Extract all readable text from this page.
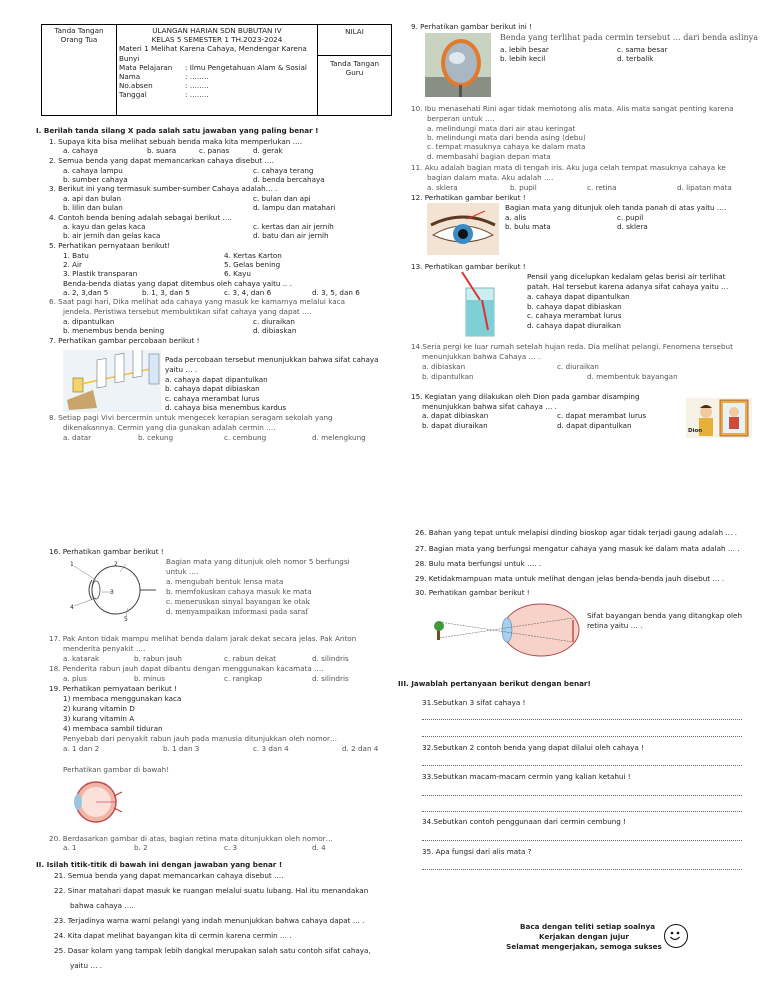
Tanda Tangan
Orang Tua

ULANGAN HARIAN SDN BUBUTAN IV
KELAS 5 SEMESTER 1 TH.2023-2024
Materi 1 Melihat Karena Cahaya, Mendengar Karena Bunyi
Mata Pelajaran : Ilmu Pengetahuan Alam & Sosial
Nama	: ……..
No.absen	: ……..
Tanggal	: ……..

NILAI
Tanda Tangan
Guru
I. Berilah tanda silang X pada salah satu jawaban yang paling benar !
1. Supaya kita bisa melihat sebuah benda maka kita memperlukan ….
a. cahaya	b. suara	c. panas	d. gerak
2. Semua benda yang dapat memancarkan cahaya disebut ….
a. cahaya lampu	c. cahaya terang
b. sumber cahaya	d. benda bercahaya
3. Berikut ini yang termasuk sumber-sumber Cahaya adalah… .
a. api dan bulan	c. bulan dan api
b. lilin dan bulan	d. lampu dan matahari
4. Contoh benda bening adalah sebagai berikut ….
a. kayu dan gelas kaca	c. kertas dan air jernih
b. air jernih dan gelas kaca	d. batu dan air jernih
5. Perhatikan pernyataan berikut!
1. Batu	4. Kertas Karton
2. Air	5. Gelas bening
3. Plastik transparan	6. Kayu
Benda-benda diatas yang dapat ditembus oleh cahaya yaitu .. .
a. 2, 3,dan 5	b. 1, 3, dan 5	c. 3, 4, dan 6	d. 3, 5, dan 6
6. Saat pagi hari, Dika melihat ada cahaya yang masuk ke kamarnya melalui kaca
jendela. Peristiwa tersebut membuktikan sifat cahaya yang dapat ….
a. dipantulkan	c. diuraikan
b. menembus benda bening	d. dibiaskan
7. Perhatikan gambar percobaan berikut !
Pada percobaan tersebut menunjukkan bahwa sifat cahaya
yaitu … .
a. cahaya dapat dipantulkan
b. cahaya dapat dibiaskan
c. cahaya merambat lurus
d. cahaya bisa menembus kardus
8. Setiap pagi Vivi bercermin untuk mengecek kerapian seragam sekolah yang
dikenakannya. Cermin yang dia gunakan adalah cermin ….
a. datar	b. cekung	c. cembung	d. melengkung
9. Perhatikan gambar berikut ini !
Benda yang terlihat pada cermin tersebut … dari benda aslinya
a. lebih besar	c. sama besar
b. lebih kecil	d. terbalik
10. Ibu menasehati Rini agar tidak memotong alis mata. Alis mata sangat penting karena
berperan untuk ….
a. melindungi mata dari air atau keringat
b. melindungi mata dari benda asing (debu)
c. tempat masuknya cahaya ke dalam mata
d. membasahi bagian depan mata
11. Aku adalah bagian mata di tengah iris. Aku juga celah tempat masuknya cahaya ke
bagian dalam mata. Aku adalah ….
a. sklera	b. pupil	c. retina	d. lipatan mata
12. Perhatikan gambar berikut !
Bagian mata yang ditunjuk oleh tanda panah di atas yaitu ….
a. alis	c. pupil
b. bulu mata	d. sklera
13. Perhatikan gambar berikut !
Pensil yang dicelupkan kedalam gelas berisi air terlihat
patah. Hal tersebut karena adanya sifat cahaya yaitu …
a. cahaya dapat dipantulkan
b. cahaya dapat dibiaskan
c. cahaya merambat lurus
d. cahaya dapat diuraikan
14.Seria pergi ke luar rumah setelah hujan reda. Dia melihat pelangi. Fenomena tersebut
menunjukkan bahwa Cahaya … .
a. dibiaskan	c. diuraikan
b. dipantulkan	d. membentuk bayangan
15. Kegiatan yang dilakukan oleh Dion pada gambar disamping
menunjukkan bahwa sifat cahaya … .
a. dapat dibiaskan	c. dapat merambat lurus
b. dapat diuraikan	d. dapat dipantulkan
Dion
16. Perhatikan gambar berikut !
1	2
3
4
5
Bagian mata yang ditunjuk oleh nomor 5 berfungsi
untuk ….
a. mengubah bentuk lensa mata
b. memfokuskan cahaya masuk ke mata
c. meneruskan sinyal bayangan ke otak
d. menyampaikan informasi pada saraf
17. Pak Anton tidak mampu melihat benda dalam jarak dekat secara jelas. Pak Anton
menderita penyakit ….
a. katarak	b. rabun jauh	c. rabun dekat	d. silindris
18. Penderita rabun jauh dapat dibantu dengan menggunakan kacamata ….
a. plus	b. minus	c. rangkap	d. silindris
19. Perhatikan pernyataan berikut !
1) membaca menggunakan kaca
2) kurang vitamin D
3) kurang vitamin A
4) membaca sambil tiduran
Penyebab dari penyakit rabun jauh pada manusia ditunjukkan oleh nomor…
a. 1 dan 2	b. 1 dan 3	c. 3 dan 4	d. 2 dan 4
Perhatikan gambar di bawah!
20. Berdasarkan gambar di atas, bagian retina mata ditunjukkan oleh nomor…
a. 1	b. 2	c. 3	d. 4
II. Isilah titik-titik di bawah ini dengan jawaban yang benar !
21. Semua benda yang dapat memancarkan cahaya disebut ….
22. Sinar matahari dapat masuk ke ruangan melalui suatu lubang. Hal itu menandakan
bahwa cahaya ….
23. Terjadinya warna warni pelangi yang indah menunjukkan bahwa cahaya dapat … .
24. Kita dapat melihat bayangan kita di cermin karena cermin … .
25. Dasar kolam yang tampak lebih dangkal merupakan salah satu contoh sifat cahaya,
yaitu … .
26. Bahan yang tepat untuk melapisi dinding bioskop agar tidak terjadi gaung adalah … .
27. Bagian mata yang berfungsi mengatur cahaya yang masuk ke dalam mata adalah … .
28. Bulu mata berfungsi untuk …. .
29. Ketidakmampuan mata untuk melihat dengan jelas benda-benda jauh disebut … .
30. Perhatikan gambar berikut !
Sifat bayangan benda yang ditangkap oleh
retina yaitu … .
III. Jawablah pertanyaan berikut dengan benar!
31.Sebutkan 3 sifat cahaya !
32.Sebutkan 2 contoh benda yang dapat dilalui oleh cahaya !
33.Sebutkan macam-macam cermin yang kalian ketahui !
34.Sebutkan contoh penggunaan dari cermin cembung !
35. Apa fungsi dari alis mata ?
Baca dengan teliti setiap soalnya
Kerjakan dengan jujur
Selamat mengerjakan, semoga sukses
